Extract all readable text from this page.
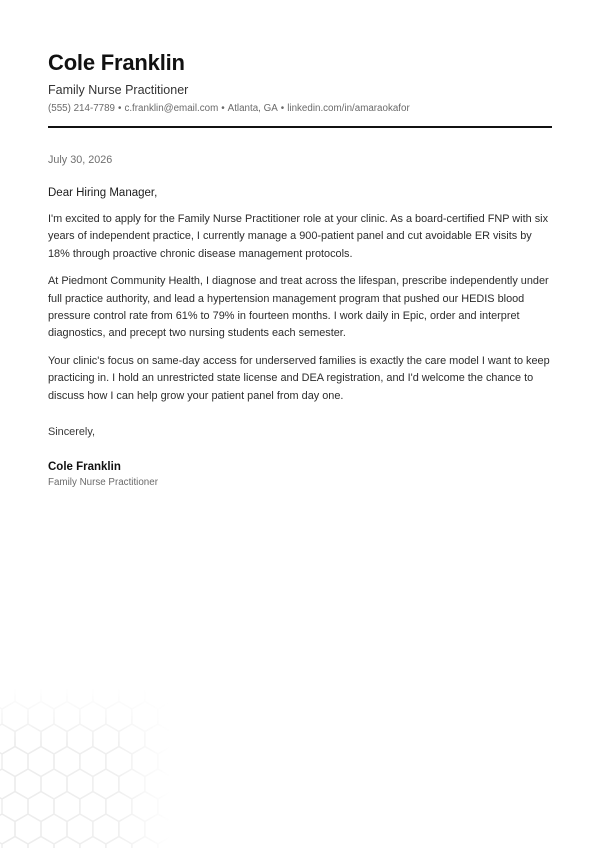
Cole Franklin
Family Nurse Practitioner
(555) 214-7789 • c.franklin@email.com • Atlanta, GA • linkedin.com/in/amaraokafor
July 30, 2026
Dear Hiring Manager,

I'm excited to apply for the Family Nurse Practitioner role at your clinic. As a board-certified FNP with six years of independent practice, I currently manage a 900-patient panel and cut avoidable ER visits by 18% through proactive chronic disease management protocols.

At Piedmont Community Health, I diagnose and treat across the lifespan, prescribe independently under full practice authority, and lead a hypertension management program that pushed our HEDIS blood pressure control rate from 61% to 79% in fourteen months. I work daily in Epic, order and interpret diagnostics, and precept two nursing students each semester.

Your clinic's focus on same-day access for underserved families is exactly the care model I want to keep practicing in. I hold an unrestricted state license and DEA registration, and I'd welcome the chance to discuss how I can help grow your patient panel from day one.

Sincerely,
Cole Franklin
Family Nurse Practitioner
